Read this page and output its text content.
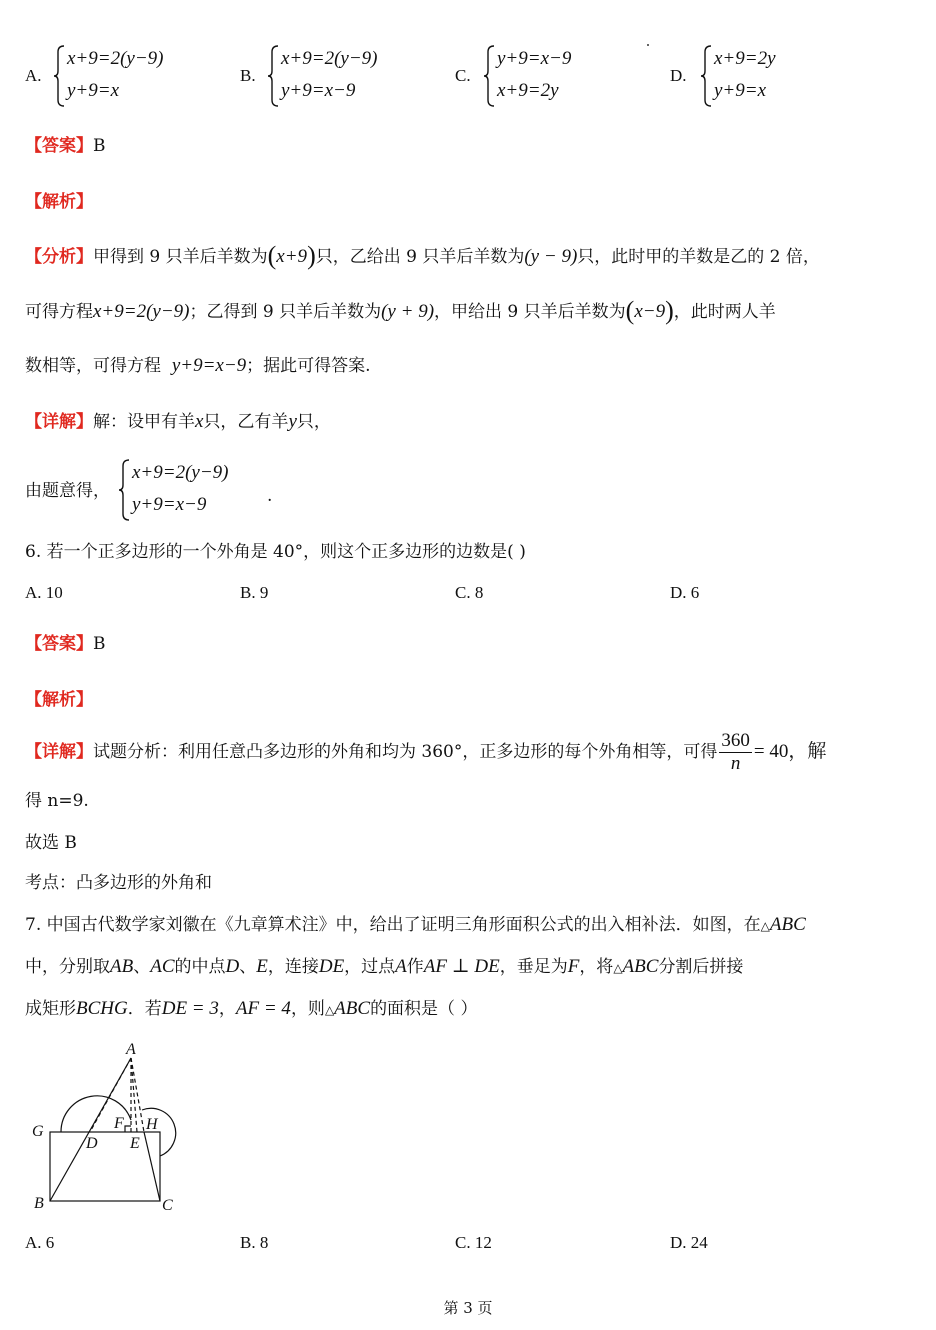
A.
x+9=2(y−9)
y+9=x
B.
x+9=2(y−9)
y+9=x−9
C.
y+9=x−9
x+9=2y
D.
x+9=2y
y+9=x
【答案】B
【解析】
【分析】甲得到 9 只羊后羊数为(x+9)只，乙给出 9 只羊后羊数为(y − 9)只，此时甲的羊数是乙的 2 倍，
可得方程x+9=2(y−9)；乙得到 9 只羊后羊数为(y + 9)，甲给出 9 只羊后羊数为(x−9)，此时两人羊
数相等，可得方程 y+9=x−9；据此可得答案.
【详解】解：设甲有羊x只，乙有羊y只，
由题意得，
x+9=2(y−9)
y+9=x−9	.
6. 若一个正多边形的一个外角是 40°，则这个正多边形的边数是( )
A. 10	B. 9	C. 8	D. 6
【答案】B
【解析】
【详解】试题分析：利用任意凸多边形的外角和均为 360°，正多边形的每个外角相等，可得 $\frac{360}{n} = 40$，解
得 n=9.
故选 B
考点：凸多边形的外角和
7. 中国古代数学家刘徽在《九章算术注》中，给出了证明三角形面积公式的出入相补法．如图，在△ABC
中，分别取AB、AC的中点D、E，连接DE，过点A作AF ⊥ DE，垂足为F，将△ABC分割后拼接
成矩形BCHG．若DE = 3，AF = 4，则△ABC的面积是（ ）
A
B	C
D E
F
G	H
A. 6	B. 8	C. 12	D. 24
第 3 页
